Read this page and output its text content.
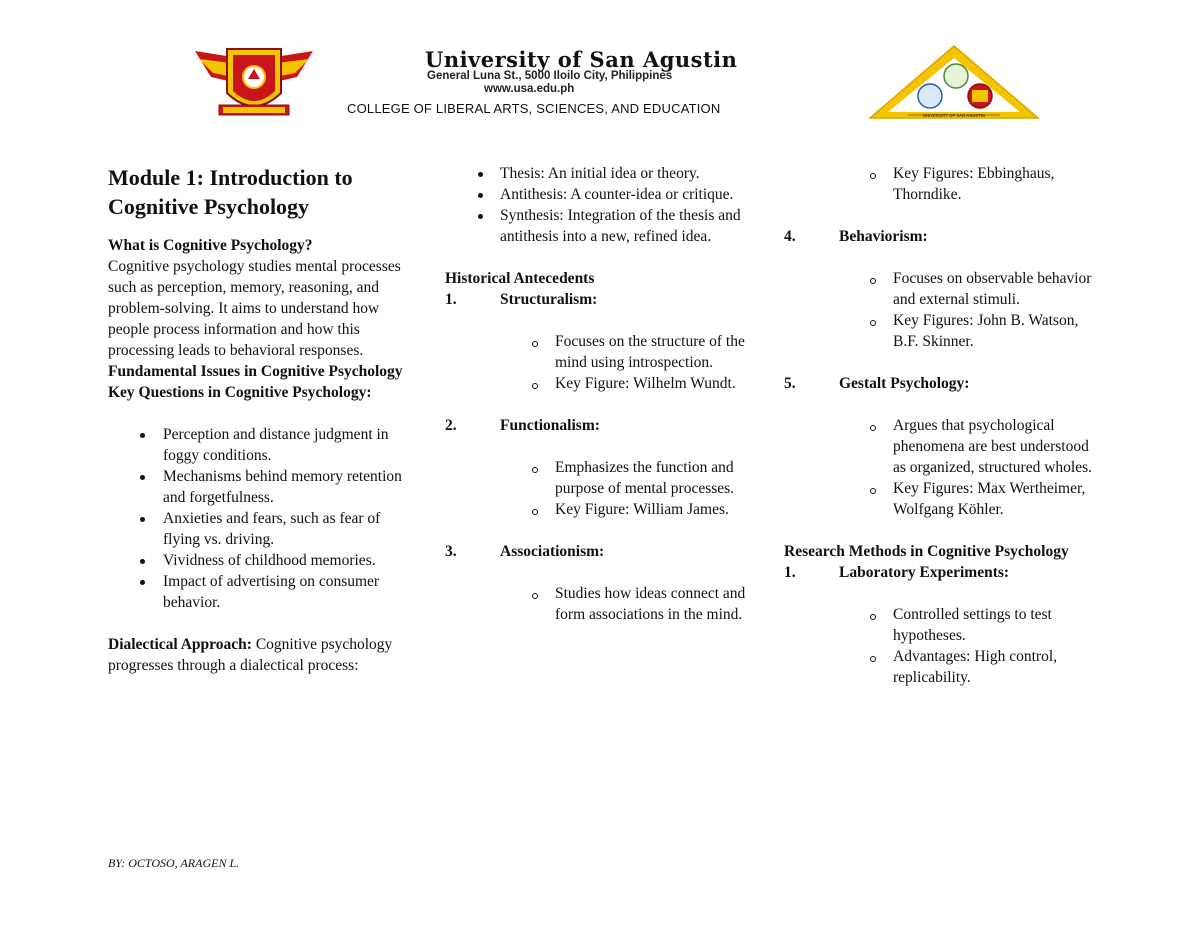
University of San Agustin
General Luna St., 5000 Iloilo City, Philippines
www.usa.edu.ph
COLLEGE OF LIBERAL ARTS, SCIENCES, AND EDUCATION	UNIVERSITY OF SAN AGUSTIN
Module 1: Introduction to Cognitive Psychology

What is Cognitive Psychology?

Cognitive psychology studies mental processes such as perception, memory, reasoning, and problem-solving. It aims to understand how people process information and how this processing leads to behavioral responses.

Fundamental Issues in Cognitive Psychology

Key Questions in Cognitive Psychology:

Perception and distance judgment in foggy conditions.
Mechanisms behind memory retention and forgetfulness.
Anxieties and fears, such as fear of flying vs. driving.
Vividness of childhood memories.
Impact of advertising on consumer behavior.

Dialectical Approach: Cognitive psychology progresses through a dialectical process:

Thesis: An initial idea or theory.
Antithesis: A counter-idea or critique.
Synthesis: Integration of the thesis and antithesis into a new, refined idea.

Historical Antecedents

1.	Structuralism:
Focuses on the structure of the mind using introspection.
Key Figure: Wilhelm Wundt.
2.	Functionalism:
Emphasizes the function and purpose of mental processes.
Key Figure: William James.
3.	Associationism:
Studies how ideas connect and form associations in the mind.
Key Figures: Ebbinghaus, Thorndike.
4.	Behaviorism:
Focuses on observable behavior and external stimuli.
Key Figures: John B. Watson, B.F. Skinner.
5.	Gestalt Psychology:
Argues that psychological phenomena are best understood as organized, structured wholes.
Key Figures: Max Wertheimer, Wolfgang Köhler.

Research Methods in Cognitive Psychology

1.	Laboratory Experiments:
Controlled settings to test hypotheses.
Advantages: High control, replicability.
BY: OCTOSO, ARAGEN L.
